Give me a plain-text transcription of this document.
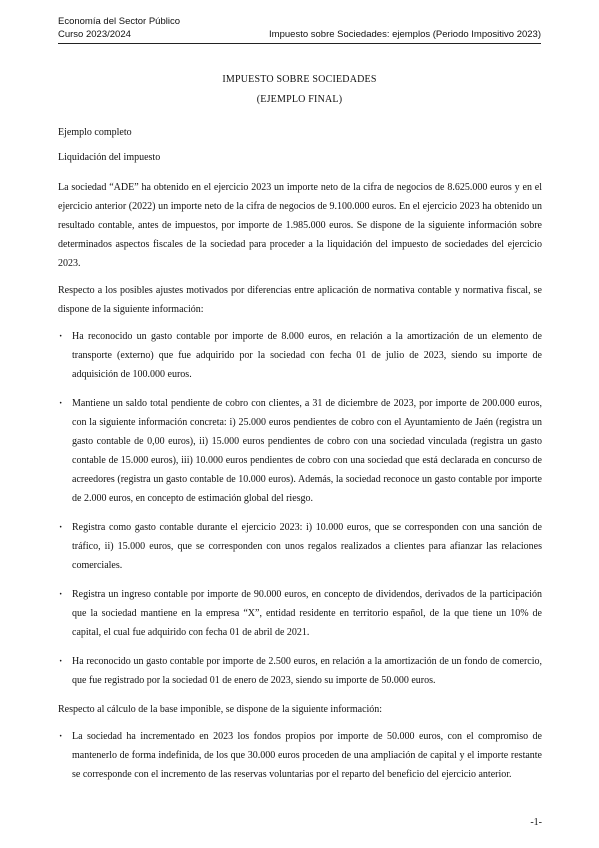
Economía del Sector Público
Curso 2023/2024	Impuesto sobre Sociedades: ejemplos (Periodo Impositivo 2023)
IMPUESTO SOBRE SOCIEDADES
(EJEMPLO FINAL)

Ejemplo completo

Liquidación del impuesto

La sociedad “ADE” ha obtenido en el ejercicio 2023 un importe neto de la cifra de negocios de 8.625.000 euros y en el ejercicio anterior (2022) un importe neto de la cifra de negocios de 9.100.000 euros. En el ejercicio 2023 ha obtenido un resultado contable, antes de impuestos, por importe de 1.985.000 euros. Se dispone de la siguiente información sobre determinados aspectos fiscales de la sociedad para proceder a la liquidación del impuesto de sociedades del ejercicio 2023.

Respecto a los posibles ajustes motivados por diferencias entre aplicación de normativa contable y normativa fiscal, se dispone de la siguiente información:

· Ha reconocido un gasto contable por importe de 8.000 euros, en relación a la amortización de un elemento de transporte (externo) que fue adquirido por la sociedad con fecha 01 de julio de 2023, siendo su importe de adquisición de 100.000 euros.
· Mantiene un saldo total pendiente de cobro con clientes, a 31 de diciembre de 2023, por importe de 200.000 euros, con la siguiente información concreta: i) 25.000 euros pendientes de cobro con el Ayuntamiento de Jaén (registra un gasto contable de 0,00 euros), ii) 15.000 euros pendientes de cobro con una sociedad vinculada (registra un gasto contable de 15.000 euros), iii) 10.000 euros pendientes de cobro con una sociedad que está declarada en concurso de acreedores (registra un gasto contable de 10.000 euros). Además, la sociedad reconoce un gasto contable por importe de 2.000 euros, en concepto de estimación global del riesgo.
· Registra como gasto contable durante el ejercicio 2023: i) 10.000 euros, que se corresponden con una sanción de tráfico, ii) 15.000 euros, que se corresponden con unos regalos realizados a clientes para afianzar las relaciones comerciales.
· Registra un ingreso contable por importe de 90.000 euros, en concepto de dividendos, derivados de la participación que la sociedad mantiene en la empresa “X”, entidad residente en territorio español, de la que tiene un 10% de capital, el cual fue adquirido con fecha 01 de abril de 2021.
· Ha reconocido un gasto contable por importe de 2.500 euros, en relación a la amortización de un fondo de comercio, que fue registrado por la sociedad 01 de enero de 2023, siendo su importe de 50.000 euros.

Respecto al cálculo de la base imponible, se dispone de la siguiente información:

· La sociedad ha incrementado en 2023 los fondos propios por importe de 50.000 euros, con el compromiso de mantenerlo de forma indefinida, de los que 30.000 euros proceden de una ampliación de capital y el importe restante se corresponde con el incremento de las reservas voluntarias por el reparto del beneficio del ejercicio anterior.
-1-
